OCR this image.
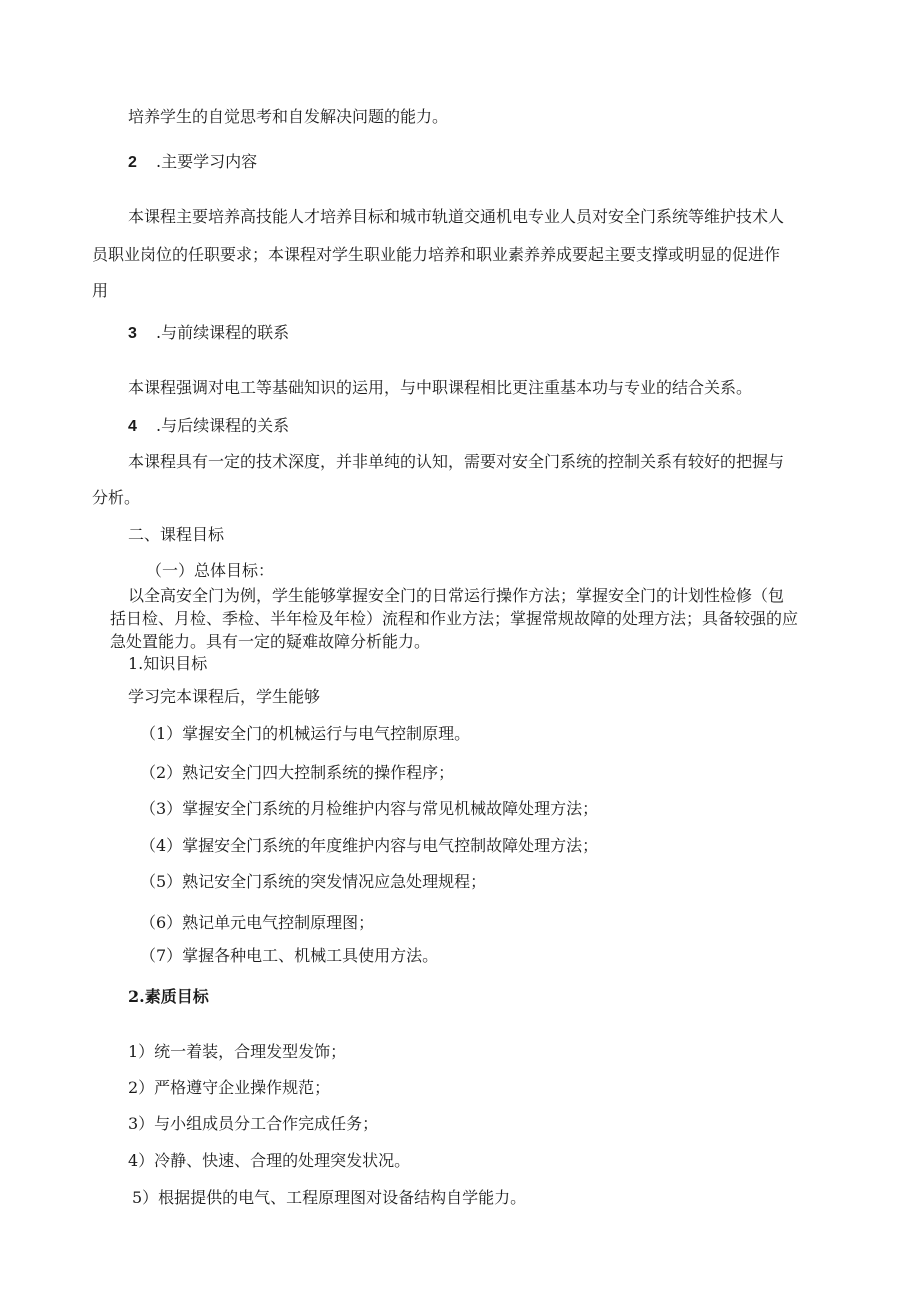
培养学生的自觉思考和自发解决问题的能力。
2 .主要学习内容
本课程主要培养高技能人才培养目标和城市轨道交通机电专业人员对安全门系统等维护技术人
员职业岗位的任职要求；本课程对学生职业能力培养和职业素养养成要起主要支撑或明显的促进作
用
3 .与前续课程的联系
本课程强调对电工等基础知识的运用，与中职课程相比更注重基本功与专业的结合关系。
4 .与后续课程的关系
本课程具有一定的技术深度，并非单纯的认知，需要对安全门系统的控制关系有较好的把握与
分析。
二、课程目标
（一）总体目标：
以全高安全门为例，学生能够掌握安全门的日常运行操作方法；掌握安全门的计划性检修（包
括日检、月检、季检、半年检及年检）流程和作业方法；掌握常规故障的处理方法；具备较强的应
急处置能力。具有一定的疑难故障分析能力。
1.知识目标
学习完本课程后，学生能够
（1）掌握安全门的机械运行与电气控制原理。
（2）熟记安全门四大控制系统的操作程序；
（3）掌握安全门系统的月检维护内容与常见机械故障处理方法；
（4）掌握安全门系统的年度维护内容与电气控制故障处理方法；
（5）熟记安全门系统的突发情况应急处理规程；
（6）熟记单元电气控制原理图；
（7）掌握各种电工、机械工具使用方法。
2.素质目标
1）统一着装，合理发型发饰；
2）严格遵守企业操作规范；
3）与小组成员分工合作完成任务；
4）冷静、快速、合理的处理突发状况。
5）根据提供的电气、工程原理图对设备结构自学能力。
